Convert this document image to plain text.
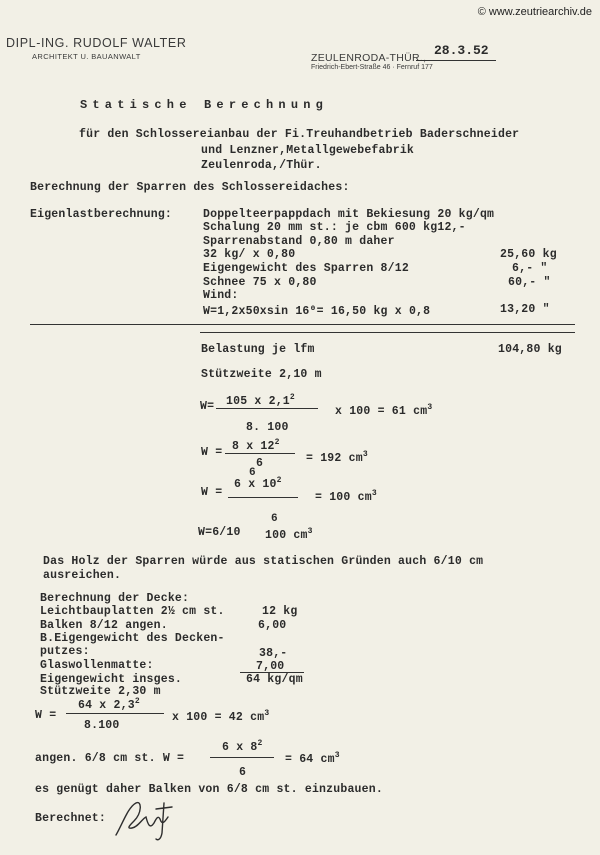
© www.zeutriearchiv.de
DIPL-ING. RUDOLF WALTER
ARCHITEKT U. BAUANWALT	ZEULENRODA-THÜR., 28.3.52
Friedrich-Ebert-Straße 46 · Fernruf 177
Statische Berechnung
für den Schlossereianbau der Fi.Treuhandbetrieb Baderschneider
und Lenzner,Metallgewebefabrik
Zeulenroda,/Thür.
Berechnung der Sparren des Schlossereidaches:
Eigenlastberechnung:	Doppelteerpappdach mit Bekiesung 20 kg/qm
Schalung 20 mm st.: je cbm 600 kg12,-
Sparrenabstand 0,80 m daher
32 kg/ x 0,80	25,60 kg
Eigengewicht des Sparren 8/12	6,- "
Schnee 75 x 0,80	60,- "
Wind:
W=1,2x50xsin 16⁰= 16,50 kg x 0,8	13,20 "
Belastung je lfm	104,80 kg
Stützweite 2,10 m
W= 105 x $2,1^2$
8. 100
x 100 = 61 $cm^3$
W = 8 x $12^2$
6	= 192 $cm^3$
W =
6
6 x $10^2$
= 100 $cm^3$
W=6/10
6
100 $cm^3$
Das Holz der Sparren würde aus statischen Gründen auch 6/10 cm
ausreichen.
Berechnung der Decke:
Leichtbauplatten 2½ cm st.	12 kg
Balken 8/12 angen.	6,00
B.Eigengewicht des Decken-
putzes:	38,-
Glaswollenmatte:	7,00
Eigengewicht insges.	64 kg/qm
Stützweite 2,30 m
W =
64 x $2,3^2$
8.100
x 100 = 42 $cm^3$
angen. 6/8 cm st. W =
6 x $8^2$
6
= 64 $cm^3$
es genügt daher Balken von 6/8 cm st. einzubauen.
Berechnet:
